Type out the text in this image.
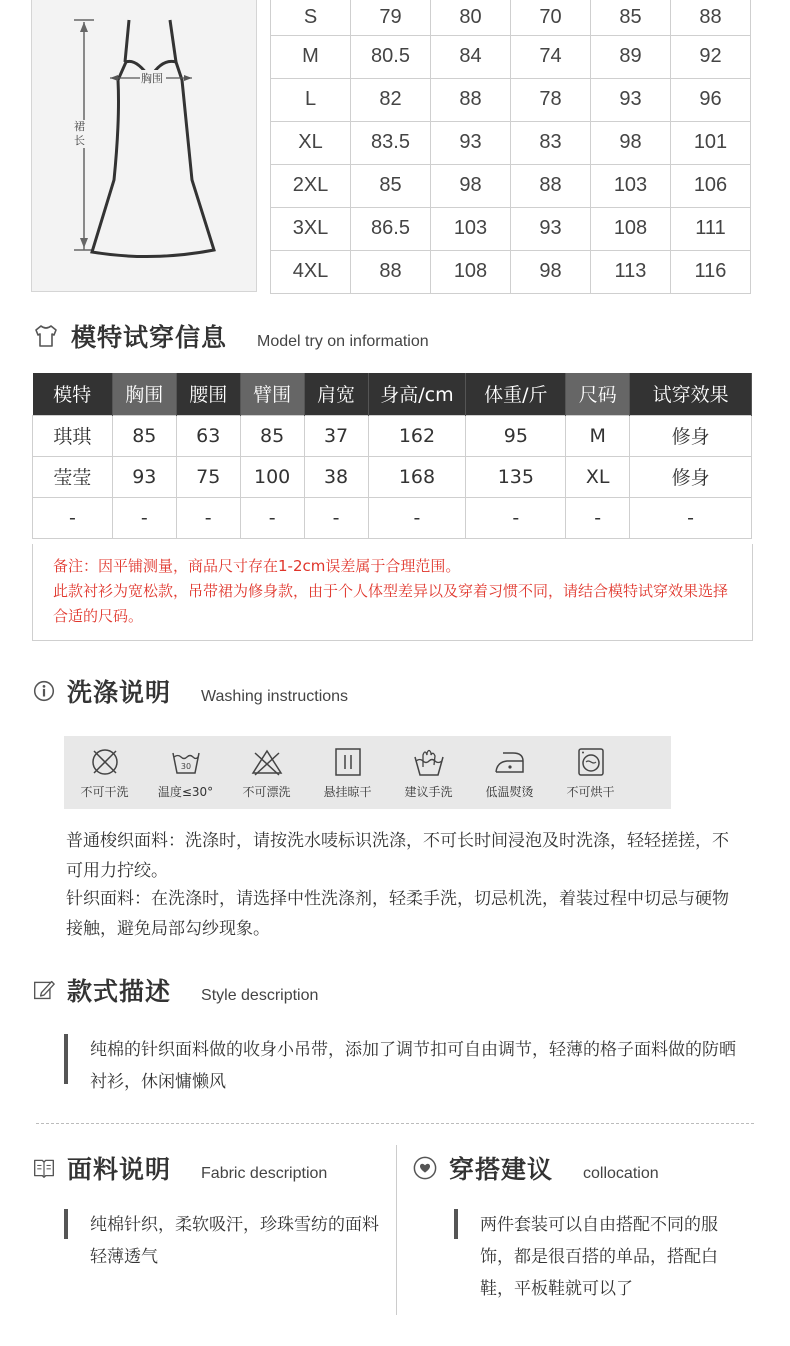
胸围
裙长
S	79	80	70	85	88
M	80.5	84	74	89	92
L	82	88	78	93	96
XL	83.5	93	83	98	101
2XL	85	98	88	103	106
3XL	86.5	103	93	108	111
4XL	88	108	98	113	116
模特试穿信息 Model try on information
模特	胸围	腰围	臂围	肩宽	身高/cm	体重/斤	尺码	试穿效果
琪琪	85	63	85	37	162	95	M	修身
莹莹	93	75	100	38	168	135	XL	修身
-	-	-	-	-	-	-	-	-
备注：因平铺测量，商品尺寸存在1-2cm误差属于合理范围。
此款衬衫为宽松款，吊带裙为修身款，由于个人体型差异以及穿着习惯不同，请结合模特试穿效果选择合适的尺码。
洗涤说明 Washing instructions
不可干洗
30
温度≤30° 不可漂洗	悬挂晾干	建议手洗	低温熨烫	不可烘干
普通梭织面料：洗涤时，请按洗水唛标识洗涤，不可长时间浸泡及时洗涤，轻轻搓搓，不可用力拧绞。
针织面料：在洗涤时，请选择中性洗涤剂，轻柔手洗，切忌机洗，着装过程中切忌与硬物接触，避免局部勾纱现象。
款式描述 Style description
纯棉的针织面料做的收身小吊带，添加了调节扣可自由调节，轻薄的格子面料做的防晒衬衫，休闲慵懒风
面料说明 Fabric description
纯棉针织，柔软吸汗，珍珠雪纺的面料轻薄透气
穿搭建议 collocation
两件套装可以自由搭配不同的服饰，都是很百搭的单品，搭配白鞋，平板鞋就可以了
